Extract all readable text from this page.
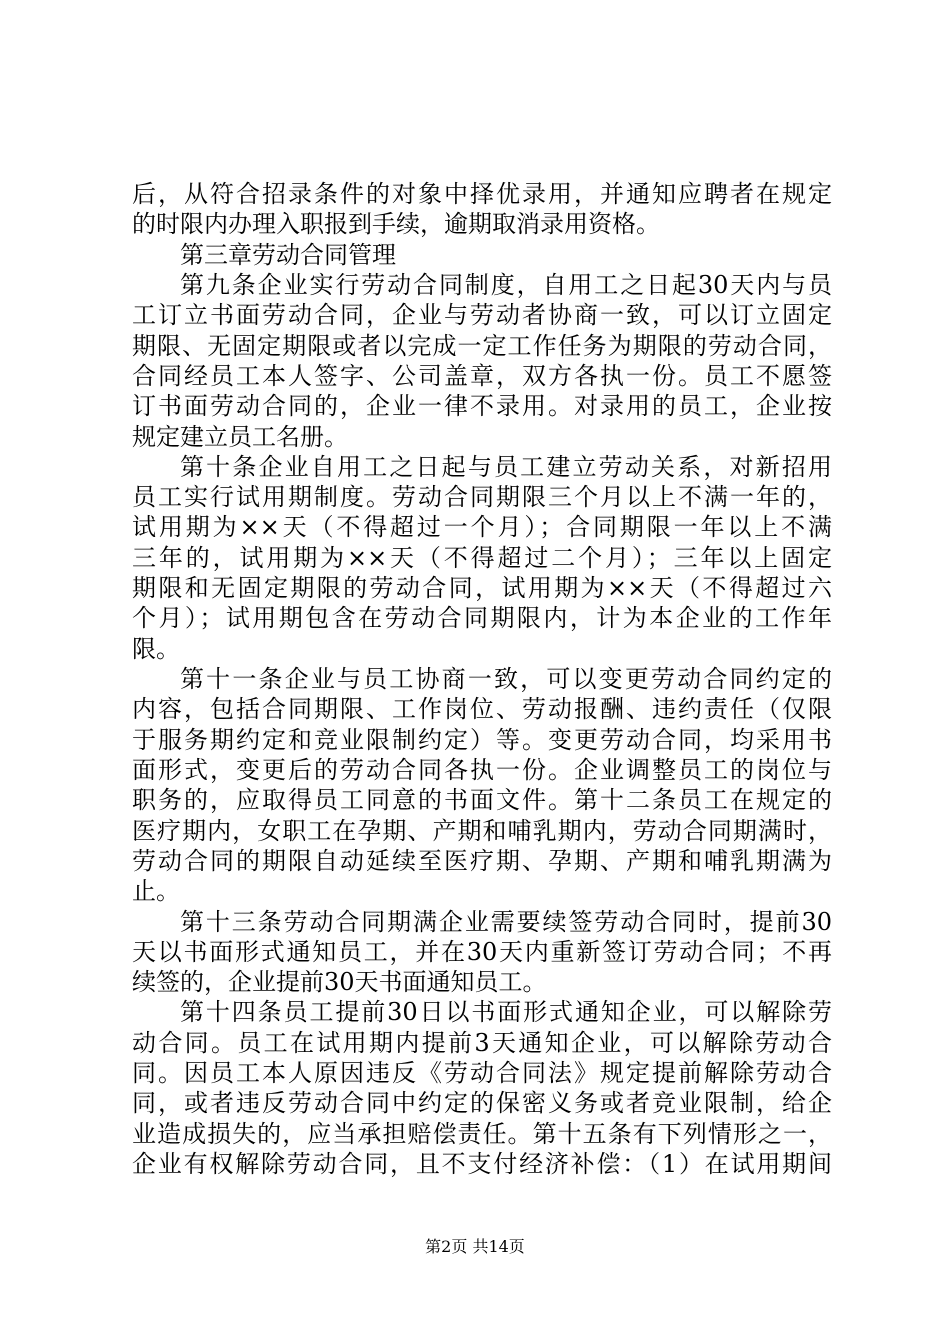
后，从符合招录条件的对象中择优录用，并通知应聘者在规定
的时限内办理入职报到手续，逾期取消录用资格。
第三章劳动合同管理
第九条企业实行劳动合同制度，自用工之日起30天内与员
工订立书面劳动合同，企业与劳动者协商一致，可以订立固定
期限、无固定期限或者以完成一定工作任务为期限的劳动合同，
合同经员工本人签字、公司盖章，双方各执一份。员工不愿签
订书面劳动合同的，企业一律不录用。对录用的员工，企业按
规定建立员工名册。
第十条企业自用工之日起与员工建立劳动关系，对新招用
员工实行试用期制度。劳动合同期限三个月以上不满一年的，
试用期为××天（不得超过一个月）；合同期限一年以上不满
三年的，试用期为××天（不得超过二个月）；三年以上固定
期限和无固定期限的劳动合同，试用期为××天（不得超过六
个月）；试用期包含在劳动合同期限内，计为本企业的工作年
限。
第十一条企业与员工协商一致，可以变更劳动合同约定的
内容，包括合同期限、工作岗位、劳动报酬、违约责任（仅限
于服务期约定和竞业限制约定）等。变更劳动合同，均采用书
面形式，变更后的劳动合同各执一份。企业调整员工的岗位与
职务的，应取得员工同意的书面文件。第十二条员工在规定的
医疗期内，女职工在孕期、产期和哺乳期内，劳动合同期满时，
劳动合同的期限自动延续至医疗期、孕期、产期和哺乳期满为
止。
第十三条劳动合同期满企业需要续签劳动合同时，提前30
天以书面形式通知员工，并在30天内重新签订劳动合同；不再
续签的，企业提前30天书面通知员工。
第十四条员工提前30日以书面形式通知企业，可以解除劳
动合同。员工在试用期内提前3天通知企业，可以解除劳动合
同。因员工本人原因违反《劳动合同法》规定提前解除劳动合
同，或者违反劳动合同中约定的保密义务或者竞业限制，给企
第2页 共14页
业造成损失的，应当承担赔偿责任。第十五条有下列情形之一，
企业有权解除劳动合同，且不支付经济补偿：（1）在试用期间
